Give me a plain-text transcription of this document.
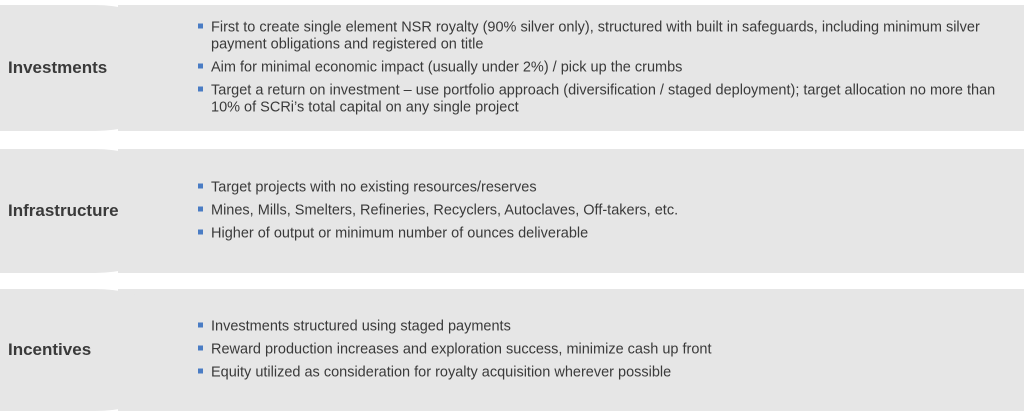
Investments
First to create single element NSR royalty (90% silver only), structured with built in safeguards, including minimum silver payment obligations and registered on title
Aim for minimal economic impact (usually under 2%) / pick up the crumbs
Target a return on investment – use portfolio approach (diversification / staged deployment); target allocation no more than 10% of SCRi’s total capital on any single project
Infrastructure
Target projects with no existing resources/reserves
Mines, Mills, Smelters, Refineries, Recyclers, Autoclaves, Off-takers, etc.
Higher of output or minimum number of ounces deliverable
Incentives
Investments structured using staged payments
Reward production increases and exploration success, minimize cash up front
Equity utilized as consideration for royalty acquisition wherever possible
